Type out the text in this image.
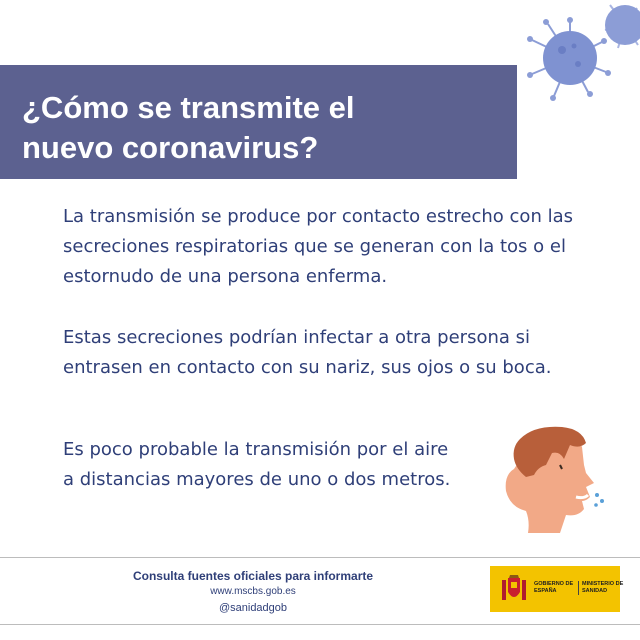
¿Cómo se transmite el
nuevo coronavirus?
La transmisión se produce por contacto estrecho con las secreciones respiratorias que se generan con la tos o el estornudo de una persona enferma.
Estas secreciones podrían infectar a otra persona si entrasen en contacto con su nariz, sus ojos o su boca.
Es poco probable la transmisión por el aire a distancias mayores de uno o dos metros.
Consulta fuentes oficiales para informarte
www.mscbs.gob.es
@sanidadgob
GOBIERNO DE ESPAÑA
MINISTERIO DE SANIDAD
